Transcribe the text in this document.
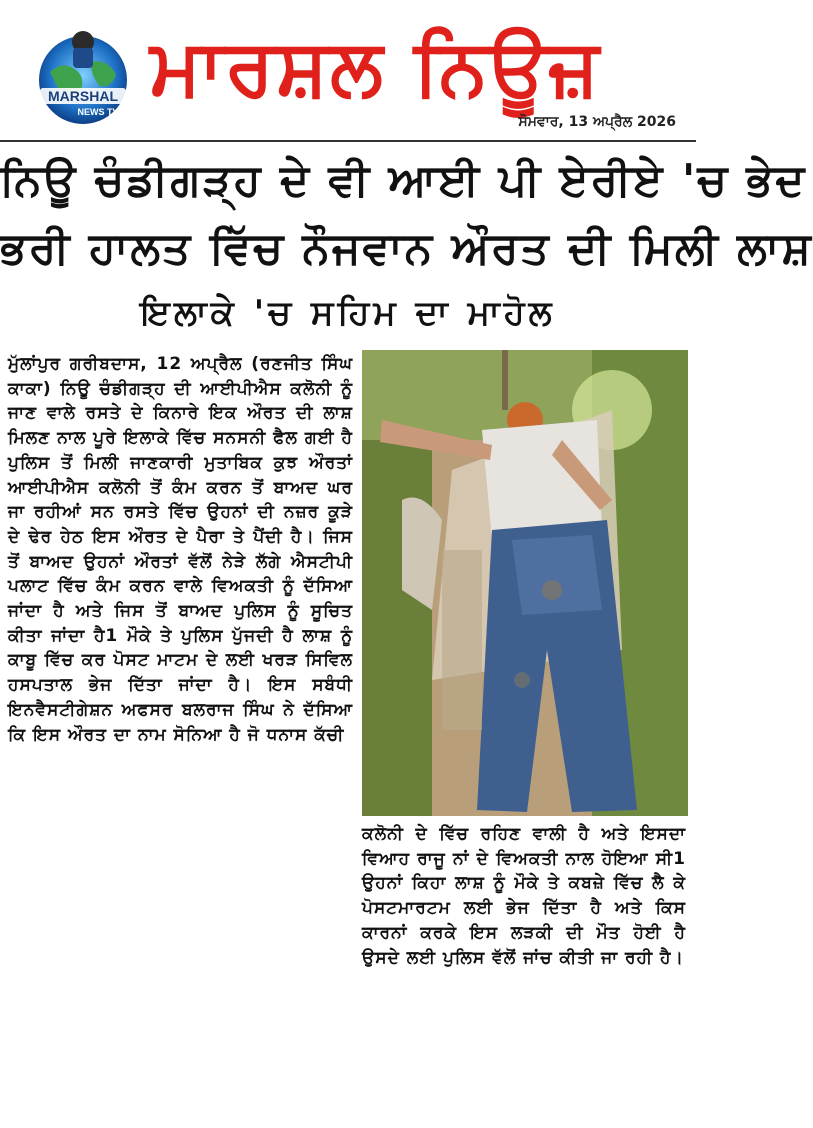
MARSHAL
NEWS TV ਮਾਰਸ਼ਲ ਨਿਊਜ਼
ਸੋਮਵਾਰ, 13 ਅਪ੍ਰੈਲ 2026
ਨਿਊ ਚੰਡੀਗੜ੍ਹ ਦੇ ਵੀ ਆਈ ਪੀ ਏਰੀਏ 'ਚ ਭੇਦ
ਭਰੀ ਹਾਲਤ ਵਿੱਚ ਨੌਜਵਾਨ ਔਰਤ ਦੀ ਮਿਲੀ ਲਾਸ਼
ਇਲਾਕੇ 'ਚ ਸਹਿਮ ਦਾ ਮਾਹੋਲ
ਮੁੱਲਾਂਪੁਰ ਗਰੀਬਦਾਸ, 12 ਅਪ੍ਰੈਲ (ਰਣਜੀਤ ਸਿੰਘ ਕਾਕਾ) ਨਿਊ ਚੰਡੀਗੜ੍ਹ ਦੀ ਆਈਪੀਐਸ ਕਲੋਨੀ ਨੂੰ ਜਾਣ ਵਾਲੇ ਰਸਤੇ ਦੇ ਕਿਨਾਰੇ ਇਕ ਔਰਤ ਦੀ ਲਾਸ਼ ਮਿਲਣ ਨਾਲ ਪੂਰੇ ਇਲਾਕੇ ਵਿੱਚ ਸਨਸਨੀ ਫੈਲ ਗਈ ਹੈ ਪੁਲਿਸ ਤੋਂ ਮਿਲੀ ਜਾਣਕਾਰੀ ਮੁਤਾਬਿਕ ਕੁਝ ਔਰਤਾਂ ਆਈਪੀਐਸ ਕਲੋਨੀ ਤੋਂ ਕੰਮ ਕਰਨ ਤੋਂ ਬਾਅਦ ਘਰ ਜਾ ਰਹੀਆਂ ਸਨ ਰਸਤੇ ਵਿੱਚ ਉਹਨਾਂ ਦੀ ਨਜ਼ਰ ਕੂੜੇ ਦੇ ਢੇਰ ਹੇਠ ਇਸ ਔਰਤ ਦੇ ਪੈਰਾ ਤੇ ਪੈਂਦੀ ਹੈ। ਜਿਸ ਤੋਂ ਬਾਅਦ ਉਹਨਾਂ ਔਰਤਾਂ ਵੱਲੋਂ ਨੇੜੇ ਲੱਗੇ ਐਸਟੀਪੀ ਪਲਾਟ ਵਿੱਚ ਕੰਮ ਕਰਨ ਵਾਲੇ ਵਿਅਕਤੀ ਨੂੰ ਦੱਸਿਆ ਜਾਂਦਾ ਹੈ ਅਤੇ ਜਿਸ ਤੋਂ ਬਾਅਦ ਪੁਲਿਸ ਨੂੰ ਸੂਚਿਤ ਕੀਤਾ ਜਾਂਦਾ ਹੈ1 ਮੌਕੇ ਤੇ ਪੁਲਿਸ ਪੁੱਜਦੀ ਹੈ ਲਾਸ਼ ਨੂੰ ਕਾਬੂ ਵਿੱਚ ਕਰ ਪੋਸਟ ਮਾਟਮ ਦੇ ਲਈ ਖਰੜ ਸਿਵਿਲ ਹਸਪਤਾਲ ਭੇਜ ਦਿੱਤਾ ਜਾਂਦਾ ਹੈ। ਇਸ ਸਬੰਧੀ ਇਨਵੈਸਟੀਗੇਸ਼ਨ ਅਫਸਰ ਬਲਰਾਜ ਸਿੰਘ ਨੇ ਦੱਸਿਆ ਕਿ ਇਸ ਔਰਤ ਦਾ ਨਾਮ ਸੋਨਿਆ ਹੈ ਜੋ ਧਨਾਸ ਕੱਚੀ
ਕਲੋਨੀ ਦੇ ਵਿੱਚ ਰਹਿਣ ਵਾਲੀ ਹੈ ਅਤੇ ਇਸਦਾ ਵਿਆਹ ਰਾਜੂ ਨਾਂ ਦੇ ਵਿਅਕਤੀ ਨਾਲ ਹੋਇਆ ਸੀ1 ਉਹਨਾਂ ਕਿਹਾ ਲਾਸ਼ ਨੂੰ ਮੌਕੇ ਤੇ ਕਬਜ਼ੇ ਵਿੱਚ ਲੈ ਕੇ ਪੋਸਟਮਾਰਟਮ ਲਈ ਭੇਜ ਦਿੱਤਾ ਹੈ ਅਤੇ ਕਿਸ ਕਾਰਨਾਂ ਕਰਕੇ ਇਸ ਲੜਕੀ ਦੀ ਮੌਤ ਹੋਈ ਹੈ ਉਸਦੇ ਲਈ ਪੁਲਿਸ ਵੱਲੋਂ ਜਾਂਚ ਕੀਤੀ ਜਾ ਰਹੀ ਹੈ।
